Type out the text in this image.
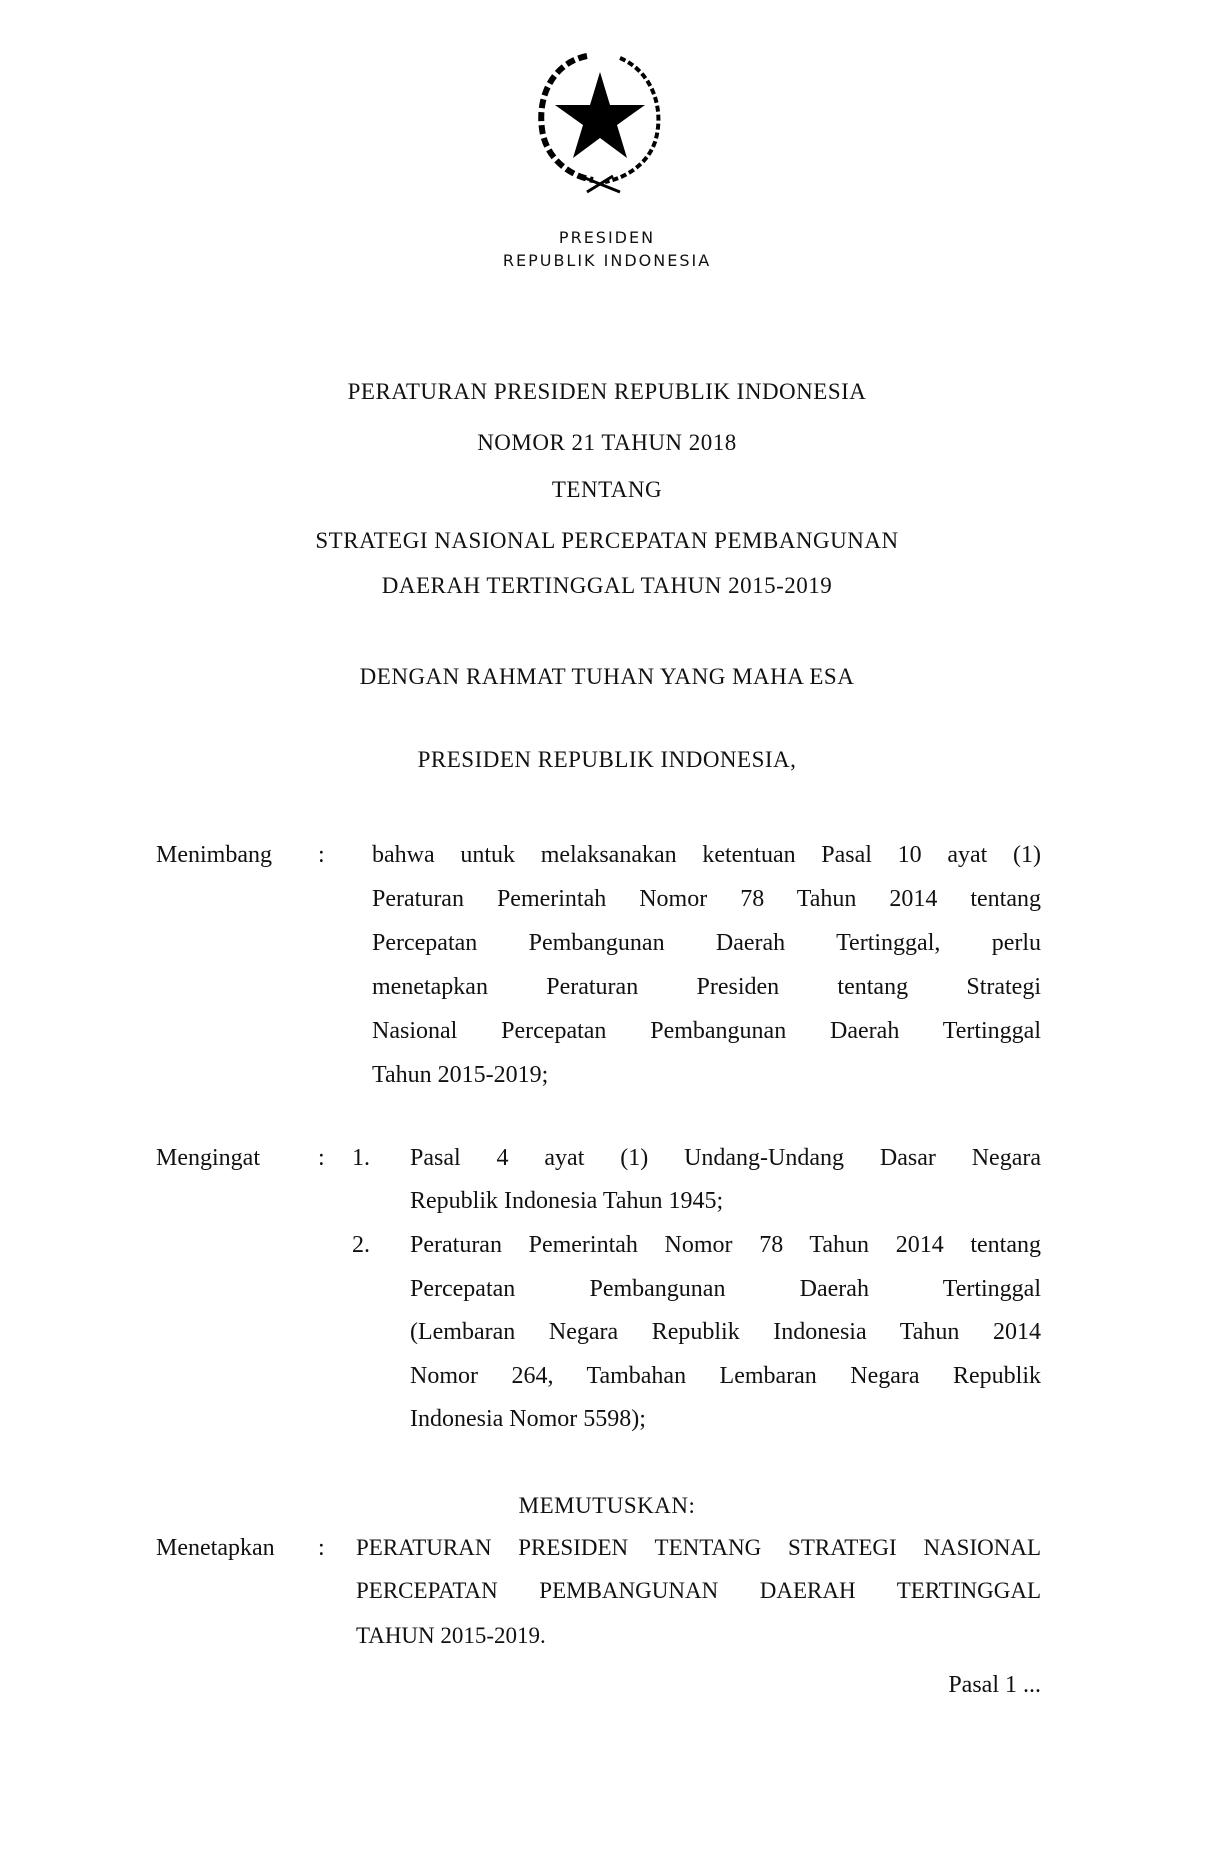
PRESIDEN
REPUBLIK INDONESIA
PERATURAN PRESIDEN REPUBLIK INDONESIA
NOMOR 21 TAHUN 2018
TENTANG
STRATEGI NASIONAL PERCEPATAN PEMBANGUNAN
DAERAH TERTINGGAL TAHUN 2015-2019
DENGAN RAHMAT TUHAN YANG MAHA ESA
PRESIDEN REPUBLIK INDONESIA,
Menimbang : bahwa untuk melaksanakan ketentuan Pasal 10 ayat (1)
Peraturan Pemerintah Nomor 78 Tahun 2014 tentang
Percepatan Pembangunan Daerah Tertinggal, perlu
menetapkan Peraturan Presiden tentang Strategi
Nasional Percepatan Pembangunan Daerah Tertinggal
Tahun 2015-2019;
Mengingat : 1. Pasal 4 ayat (1) Undang-Undang Dasar Negara
Republik Indonesia Tahun 1945;
2. Peraturan Pemerintah Nomor 78 Tahun 2014 tentang
Percepatan Pembangunan Daerah Tertinggal
(Lembaran Negara Republik Indonesia Tahun 2014
Nomor 264, Tambahan Lembaran Negara Republik
Indonesia Nomor 5598);
MEMUTUSKAN:
Menetapkan : PERATURAN PRESIDEN TENTANG STRATEGI NASIONAL
PERCEPATAN PEMBANGUNAN DAERAH TERTINGGAL
TAHUN 2015-2019.
Pasal 1 ...
